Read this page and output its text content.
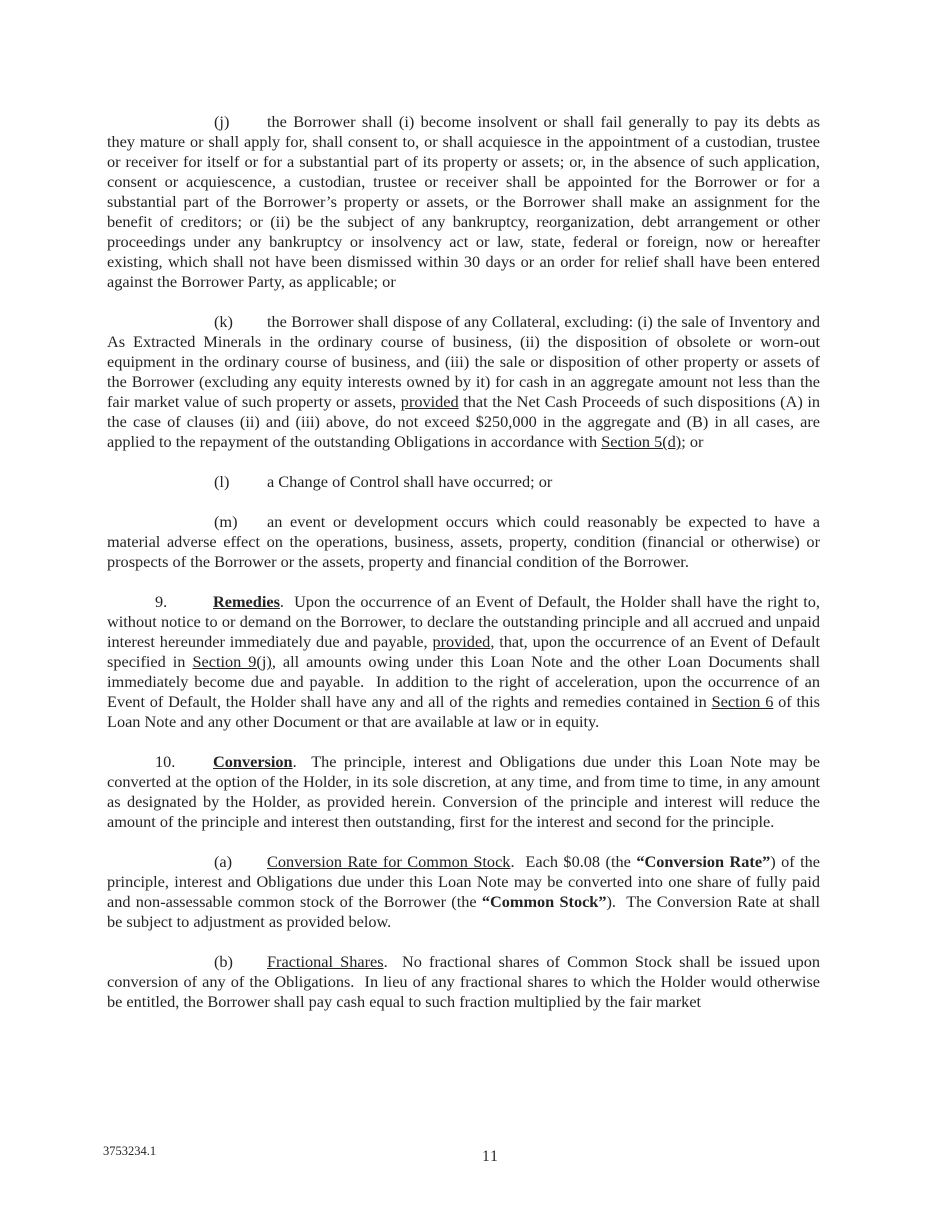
(j) the Borrower shall (i) become insolvent or shall fail generally to pay its debts as they mature or shall apply for, shall consent to, or shall acquiesce in the appointment of a custodian, trustee or receiver for itself or for a substantial part of its property or assets; or, in the absence of such application, consent or acquiescence, a custodian, trustee or receiver shall be appointed for the Borrower or for a substantial part of the Borrower’s property or assets, or the Borrower shall make an assignment for the benefit of creditors; or (ii) be the subject of any bankruptcy, reorganization, debt arrangement or other proceedings under any bankruptcy or insolvency act or law, state, federal or foreign, now or hereafter existing, which shall not have been dismissed within 30 days or an order for relief shall have been entered against the Borrower Party, as applicable; or

(k) the Borrower shall dispose of any Collateral, excluding: (i) the sale of Inventory and As Extracted Minerals in the ordinary course of business, (ii) the disposition of obsolete or worn-out equipment in the ordinary course of business, and (iii) the sale or disposition of other property or assets of the Borrower (excluding any equity interests owned by it) for cash in an aggregate amount not less than the fair market value of such property or assets, provided that the Net Cash Proceeds of such dispositions (A) in the case of clauses (ii) and (iii) above, do not exceed $250,000 in the aggregate and (B) in all cases, are applied to the repayment of the outstanding Obligations in accordance with Section 5(d); or

(l) a Change of Control shall have occurred; or

(m) an event or development occurs which could reasonably be expected to have a material adverse effect on the operations, business, assets, property, condition (financial or otherwise) or prospects of the Borrower or the assets, property and financial condition of the Borrower.

9.	Remedies.  Upon the occurrence of an Event of Default, the Holder shall have the right to, without notice to or demand on the Borrower, to declare the outstanding principle and all accrued and unpaid interest hereunder immediately due and payable, provided, that, upon the occurrence of an Event of Default specified in Section 9(j), all amounts owing under this Loan Note and the other Loan Documents shall immediately become due and payable.  In addition to the right of acceleration, upon the occurrence of an Event of Default, the Holder shall have any and all of the rights and remedies contained in Section 6 of this Loan Note and any other Document or that are available at law or in equity.

10. Conversion.  The principle, interest and Obligations due under this Loan Note may be converted at the option of the Holder, in its sole discretion, at any time, and from time to time, in any amount as designated by the Holder, as provided herein. Conversion of the principle and interest will reduce the amount of the principle and interest then outstanding, first for the interest and second for the principle.

(a) Conversion Rate for Common Stock.  Each $0.08 (the “Conversion Rate”) of the principle, interest and Obligations due under this Loan Note may be converted into one share of fully paid and non-assessable common stock of the Borrower (the “Common Stock”).  The Conversion Rate at shall be subject to adjustment as provided below.

(b) Fractional Shares.  No fractional shares of Common Stock shall be issued upon conversion of any of the Obligations.  In lieu of any fractional shares to which the Holder would otherwise be entitled, the Borrower shall pay cash equal to such fraction multiplied by the fair market

3753234.1	11
